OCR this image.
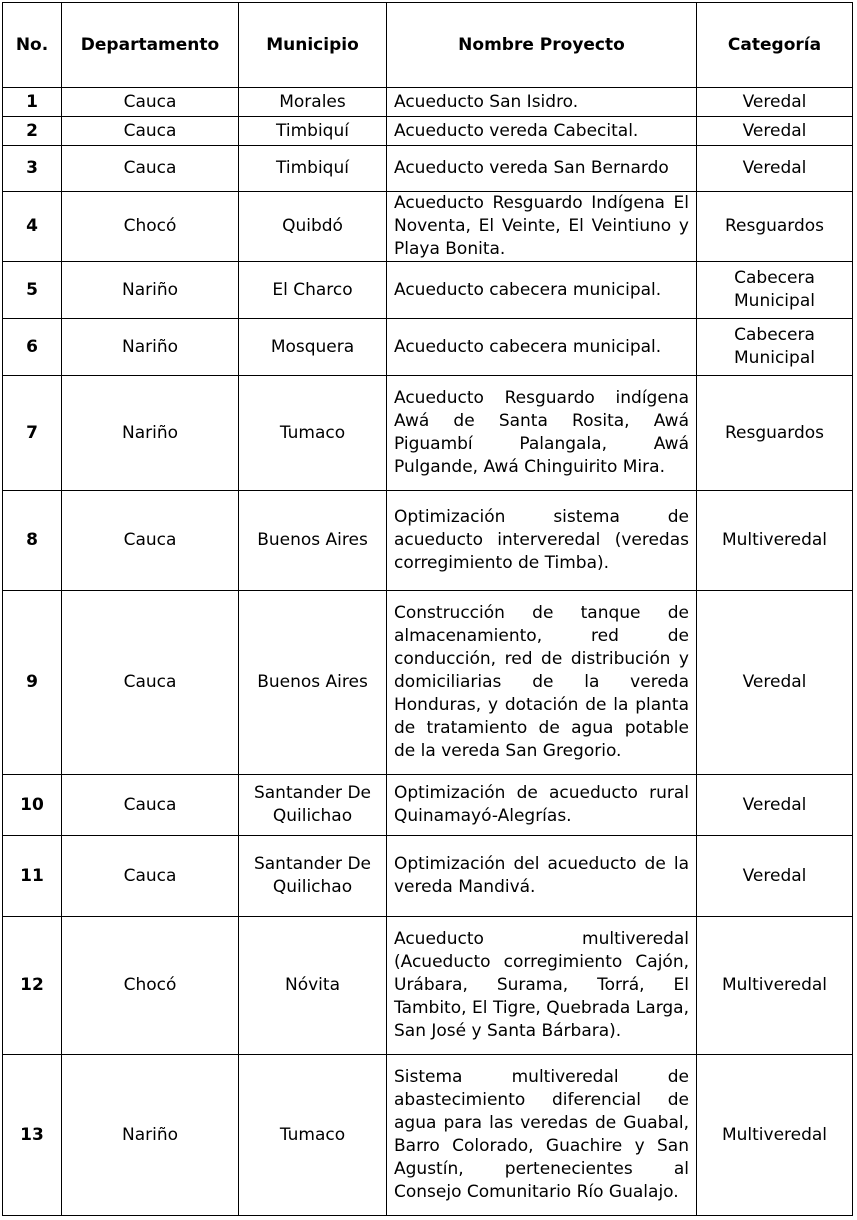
No.	Departamento	Municipio	Nombre Proyecto	Categoría
1	Cauca	Morales	Acueducto San Isidro.	Veredal
2	Cauca	Timbiquí	Acueducto vereda Cabecital.	Veredal
3	Cauca	Timbiquí	Acueducto vereda San Bernardo	Veredal
4	Chocó	Quibdó	Acueducto Resguardo Indígena El Noventa, El Veinte, El Veintiuno y Playa Bonita.	Resguardos
5	Nariño	El Charco	Acueducto cabecera municipal.	Cabecera Municipal
6	Nariño	Mosquera	Acueducto cabecera municipal.	Cabecera Municipal
7	Nariño	Tumaco	Acueducto Resguardo indígena Awá de Santa Rosita, Awá Piguambí Palangala, Awá Pulgande, Awá Chinguirito Mira.	Resguardos
8	Cauca	Buenos Aires	Optimización sistema de acueducto interveredal (veredas corregimiento de Timba).	Multiveredal
9	Cauca	Buenos Aires	Construcción de tanque de almacenamiento, red de conducción, red de distribución y domiciliarias de la vereda Honduras, y dotación de la planta de tratamiento de agua potable de la vereda San Gregorio.	Veredal
10	Cauca	Santander De Quilichao	Optimización de acueducto rural Quinamayó-Alegrías.	Veredal
11	Cauca	Santander De Quilichao	Optimización del acueducto de la vereda Mandivá.	Veredal
12	Chocó	Nóvita	Acueducto multiveredal (Acueducto corregimiento Cajón, Urábara, Surama, Torrá, El Tambito, El Tigre, Quebrada Larga, San José y Santa Bárbara).	Multiveredal
13	Nariño	Tumaco	Sistema multiveredal de abastecimiento diferencial de agua para las veredas de Guabal, Barro Colorado, Guachire y San Agustín, pertenecientes al Consejo Comunitario Río Gualajo.	Multiveredal
